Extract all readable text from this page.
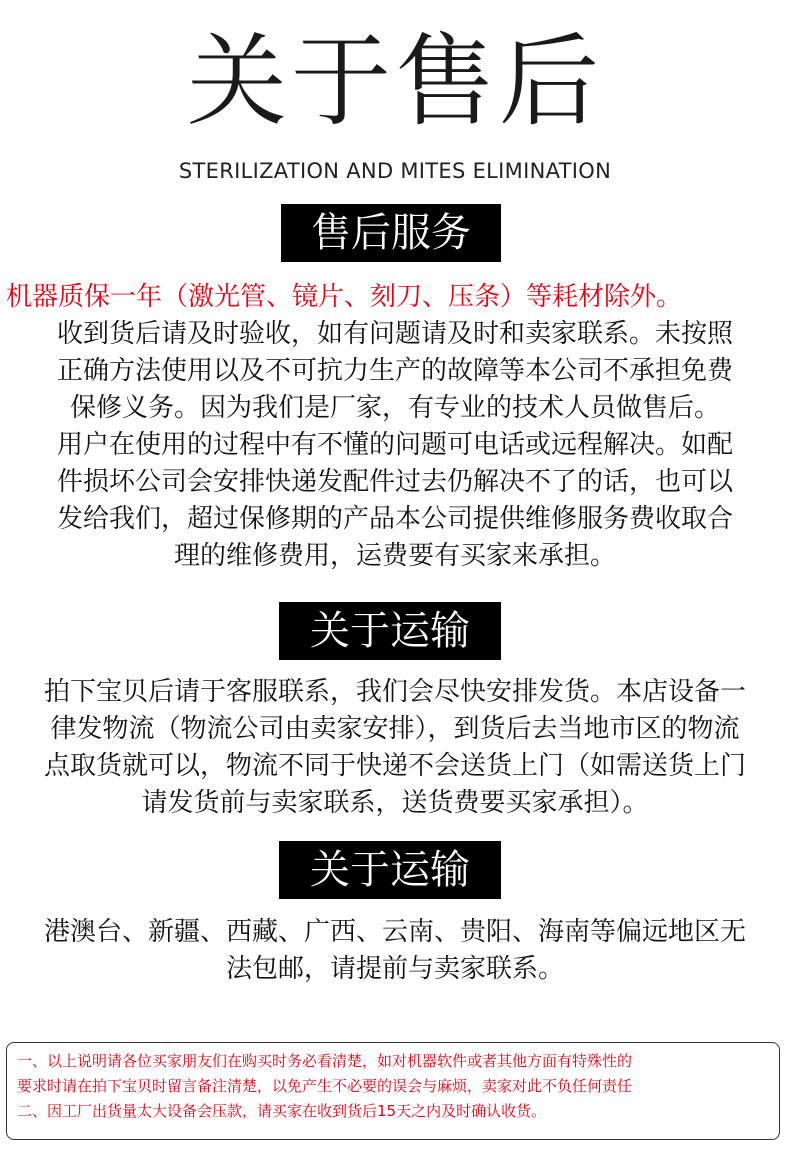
关于售后
STERILIZATION AND MITES ELIMINATION
售后服务
机器质保一年（激光管、镜片、刻刀、压条）等耗材除外。
收到货后请及时验收，如有问题请及时和卖家联系。未按照
正确方法使用以及不可抗力生产的故障等本公司不承担免费
保修义务。因为我们是厂家，有专业的技术人员做售后。
用户在使用的过程中有不懂的问题可电话或远程解决。如配
件损坏公司会安排快递发配件过去仍解决不了的话，也可以
发给我们，超过保修期的产品本公司提供维修服务费收取合
理的维修费用，运费要有买家来承担。
关于运输
拍下宝贝后请于客服联系，我们会尽快安排发货。本店设备一
律发物流（物流公司由卖家安排），到货后去当地市区的物流
点取货就可以，物流不同于快递不会送货上门（如需送货上门
请发货前与卖家联系，送货费要买家承担）。
关于运输
港澳台、新疆、西藏、广西、云南、贵阳、海南等偏远地区无
法包邮，请提前与卖家联系。
一、以上说明请各位买家朋友们在购买时务必看清楚，如对机器软件或者其他方面有特殊性的
要求时请在拍下宝贝时留言备注清楚，以免产生不必要的误会与麻烦，卖家对此不负任何责任
二、因工厂出货量太大设备会压款，请买家在收到货后15天之内及时确认收货。
